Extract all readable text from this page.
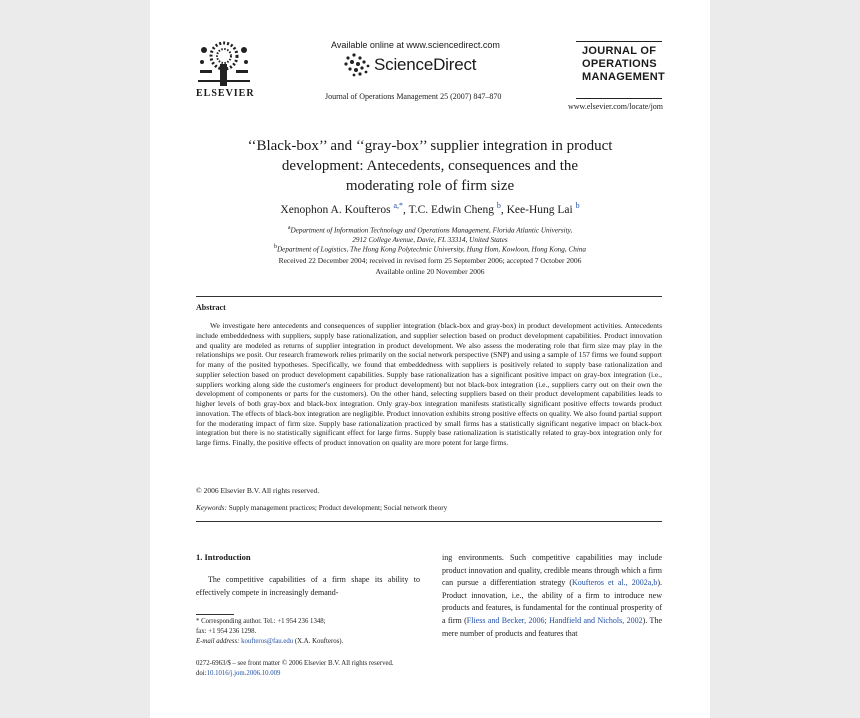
ELSEVIER
Available online at www.sciencedirect.com
ScienceDirect
Journal of Operations Management 25 (2007) 847–870
JOURNAL OF
OPERATIONS
MANAGEMENT
www.elsevier.com/locate/jom
‘‘Black-box’’ and ‘‘gray-box’’ supplier integration in product
development: Antecedents, consequences and the
moderating role of firm size
Xenophon A. Koufteros $^{a,*}$, T.C. Edwin Cheng $^b$, Kee-Hung Lai $^b$
$^a$Department of Information Technology and Operations Management, Florida Atlantic University,
2912 College Avenue, Davie, FL 33314, United States
$^b$Department of Logistics, The Hong Kong Polytechnic University, Hung Hom, Kowloon, Hong Kong, China
Received 22 December 2004; received in revised form 25 September 2006; accepted 7 October 2006
Available online 20 November 2006
Abstract
We investigate here antecedents and consequences of supplier integration (black-box and gray-box) in product development activities. Antecedents include embeddedness with suppliers, supply base rationalization, and supplier selection based on product development capabilities. Product innovation and quality are modeled as returns of supplier integration in product development. We also assess the moderating role that firm size may play in the relationships we posit. Our research framework relies primarily on the social network perspective (SNP) and using a sample of 157 firms we found support for many of the posited hypotheses. Specifically, we found that embeddedness with suppliers is positively related to supply base rationalization and supplier selection based on product development capabilities. Supply base rationalization has a significant positive impact on gray-box integration (i.e., suppliers working along side the customer's engineers for product development) but not black-box integration (i.e., suppliers carry out on their own the development of components or parts for the customers). On the other hand, selecting suppliers based on their product development capabilities leads to higher levels of both gray-box and black-box integration. Only gray-box integration manifests statistically significant positive effects towards product innovation. The effects of black-box integration are negligible. Product innovation exhibits strong positive effects on quality. We also found partial support for the moderating impact of firm size. Supply base rationalization practiced by small firms has a statistically significant negative impact on black-box integration but there is no statistically significant effect for large firms. Supply base rationalization is statistically related to gray-box integration only for large firms. Finally, the positive effects of product innovation on quality are more potent for large firms.
© 2006 Elsevier B.V. All rights reserved.
Keywords: Supply management practices; Product development; Social network theory
1. Introduction
The competitive capabilities of a firm shape its ability to effectively compete in increasingly demand-
ing environments. Such competitive capabilities may include product innovation and quality, credible means through which a firm can pursue a differentiation strategy (Koufteros et al., 2002a,b). Product innovation, i.e., the ability of a firm to introduce new products and features, is fundamental for the continual prosperity of a firm (Fliess and Becker, 2006; Handfield and Nichols, 2002). The mere number of products and features that
* Corresponding author. Tel.: +1 954 236 1348;
fax: +1 954 236 1298.
E-mail address: koufteros@fau.edu (X.A. Koufteros).
0272-6963/$ – see front matter © 2006 Elsevier B.V. All rights reserved.
doi:10.1016/j.jom.2006.10.009
